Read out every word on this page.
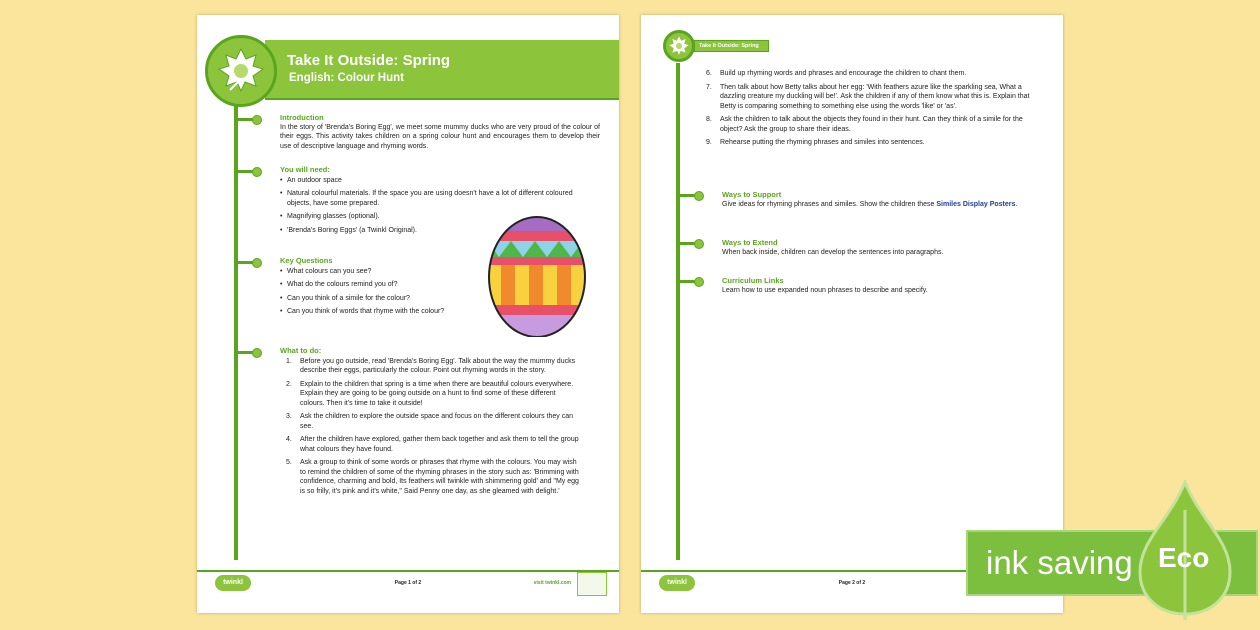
Take It Outside: Spring
English: Colour Hunt
Introduction
In the story of 'Brenda's Boring Egg', we meet some mummy ducks who are very proud of the colour of their eggs. This activity takes children on a spring colour hunt and encourages them to develop their use of descriptive language and rhyming words.
You will need:
• An outdoor space
• Natural colourful materials. If the space you are using doesn't have a lot of different coloured objects, have some prepared.
• Magnifying glasses (optional).
• 'Brenda's Boring Eggs' (a Twinkl Original).
Key Questions
• What colours can you see?
• What do the colours remind you of?
• Can you think of a simile for the colour?
• Can you think of words that rhyme with the colour?
What to do:
1. Before you go outside, read 'Brenda's Boring Egg'. Talk about the way the mummy ducks describe their eggs, particularly the colour. Point out rhyming words in the story.
2. Explain to the children that spring is a time when there are beautiful colours everywhere. Explain they are going to be going outside on a hunt to find some of these different colours. Then it's time to take it outside!
3. Ask the children to explore the outside space and focus on the different colours they can see.
4. After the children have explored, gather them back together and ask them to tell the group what colours they have found.
5. Ask a group to think of some words or phrases that rhyme with the colours. You may wish to remind the children of some of the rhyming phrases in the story such as: 'Brimming with confidence, charming and bold, Its feathers will twinkle with shimmering gold' and "My egg is so frilly, it's pink and it's white," Said Penny one day, as she gleamed with delight.'
twinkl	Page 1 of 2	visit twinkl.com
Take It Outside: Spring
6. Build up rhyming words and phrases and encourage the children to chant them.
7. Then talk about how Betty talks about her egg: 'With feathers azure like the sparkling sea, What a dazzling creature my duckling will be!'. Ask the children if any of them know what this is. Explain that Betty is comparing something to something else using the words 'like' or 'as'.
8. Ask the children to talk about the objects they found in their hunt. Can they think of a simile for the object? Ask the group to share their ideas.
9. Rehearse putting the rhyming phrases and similes into sentences.
Ways to Support
Give ideas for rhyming phrases and similes. Show the children these Similes Display Posters.
Ways to Extend
When back inside, children can develop the sentences into paragraphs.
Curriculum Links
Learn how to use expanded noun phrases to describe and specify.
twinkl	Page 2 of 2
ink saving Eco
